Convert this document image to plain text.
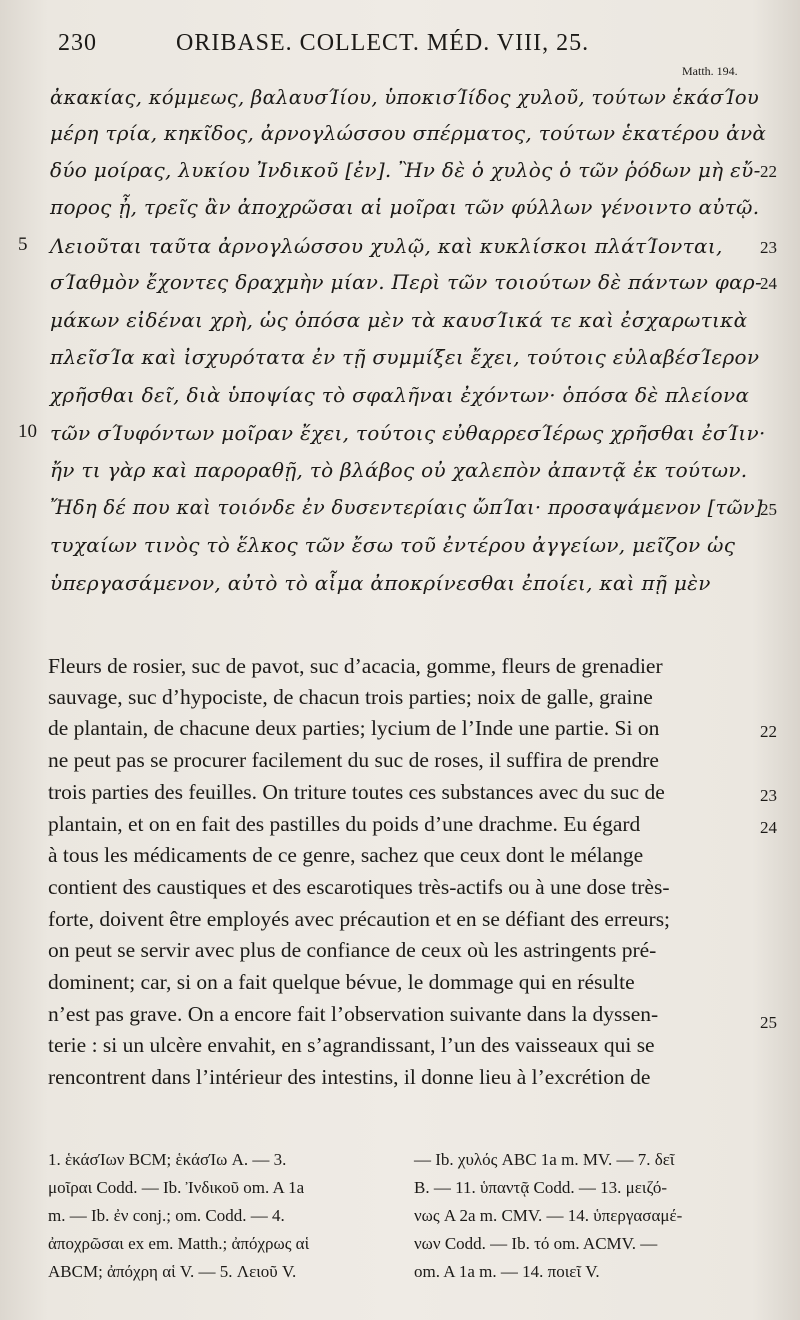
230	ORIBASE. COLLECT. MÉD. VIII, 25.
Matth. 194.
ἀκακίας, κόμμεως, βαλαυσΊίου, ὑποκισΊίδος χυλοῦ, τούτων ἑκάσΊου
μέρη τρία, κηκῖδος, ἀρνογλώσσου σπέρματος, τούτων ἑκατέρου ἀνὰ
δύο μοίρας, λυκίου Ἰνδικοῦ [ἐν]. Ἢν δὲ ὁ χυλὸς ὁ τῶν ῥόδων μὴ εὔ-
πορος ᾖ, τρεῖς ἂν ἀποχρῶσαι αἱ μοῖραι τῶν φύλλων γένοιντο αὐτῷ.
Λειοῦται ταῦτα ἀρνογλώσσου χυλῷ, καὶ κυκλίσκοι πλάτΊονται,
σΊαθμὸν ἔχοντες δραχμὴν μίαν. Περὶ τῶν τοιούτων δὲ πάντων φαρ-
μάκων εἰδέναι χρὴ, ὡς ὁπόσα μὲν τὰ καυσΊικά τε καὶ ἐσχαρωτικὰ
πλεῖσΊα καὶ ἰσχυρότατα ἐν τῇ συμμίξει ἔχει, τούτοις εὐλαβέσΊερον
χρῆσθαι δεῖ, διὰ ὑποψίας τὸ σφαλῆναι ἐχόντων· ὁπόσα δὲ πλείονα
τῶν σΊυφόντων μοῖραν ἔχει, τούτοις εὐθαρρεσΊέρως χρῆσθαι ἐσΊιν·
ἤν τι γὰρ καὶ παροραθῇ, τὸ βλάβος οὐ χαλεπὸν ἀπαντᾷ ἐκ τούτων.
Ἤδη δέ που καὶ τοιόνδε ἐν δυσεντερίαις ὤπΊαι· προσαψάμενον [τῶν]
τυχαίων τινὸς τὸ ἕλκος τῶν ἔσω τοῦ ἐντέρου ἀγγείων, μεῖζον ὡς
ὑπεργασάμενον, αὐτὸ τὸ αἷμα ἀποκρίνεσθαι ἐποίει, καὶ πῇ μὲν
5
10
22
23
24
25
Fleurs de rosier, suc de pavot, suc d’acacia, gomme, fleurs de grenadier
sauvage, suc d’hypociste, de chacun trois parties; noix de galle, graine
de plantain, de chacune deux parties; lycium de l’Inde une partie. Si on
ne peut pas se procurer facilement du suc de roses, il suffira de prendre
trois parties des feuilles. On triture toutes ces substances avec du suc de
plantain, et on en fait des pastilles du poids d’une drachme. Eu égard
à tous les médicaments de ce genre, sachez que ceux dont le mélange
contient des caustiques et des escarotiques très-actifs ou à une dose très-
forte, doivent être employés avec précaution et en se défiant des erreurs;
on peut se servir avec plus de confiance de ceux où les astringents pré-
dominent; car, si on a fait quelque bévue, le dommage qui en résulte
n’est pas grave. On a encore fait l’observation suivante dans la dyssen-
terie : si un ulcère envahit, en s’agrandissant, l’un des vaisseaux qui se
rencontrent dans l’intérieur des intestins, il donne lieu à l’excrétion de
22
23
24
25
1. ἑκάσΊων BCM; ἑκάσΊω A. — 3.
μοῖραι Codd. — Ib. Ἰνδικοῦ om. A 1a
m. — Ib. ἐν conj.; om. Codd. — 4.
ἀποχρῶσαι ex em. Matth.; ἀπόχρως αἱ
ABCM; ἀπόχρη αἱ V. — 5. Λειοῦ V.
— Ib. χυλός ABC 1a m. MV. — 7. δεῖ
B. — 11. ὑπαντᾷ Codd. — 13. μειζό-
νως A 2a m. CMV. — 14. ὑπεργασαμέ-
νων Codd. — Ib. τό om. ACMV. —
om. A 1a m. — 14. ποιεῖ V.
